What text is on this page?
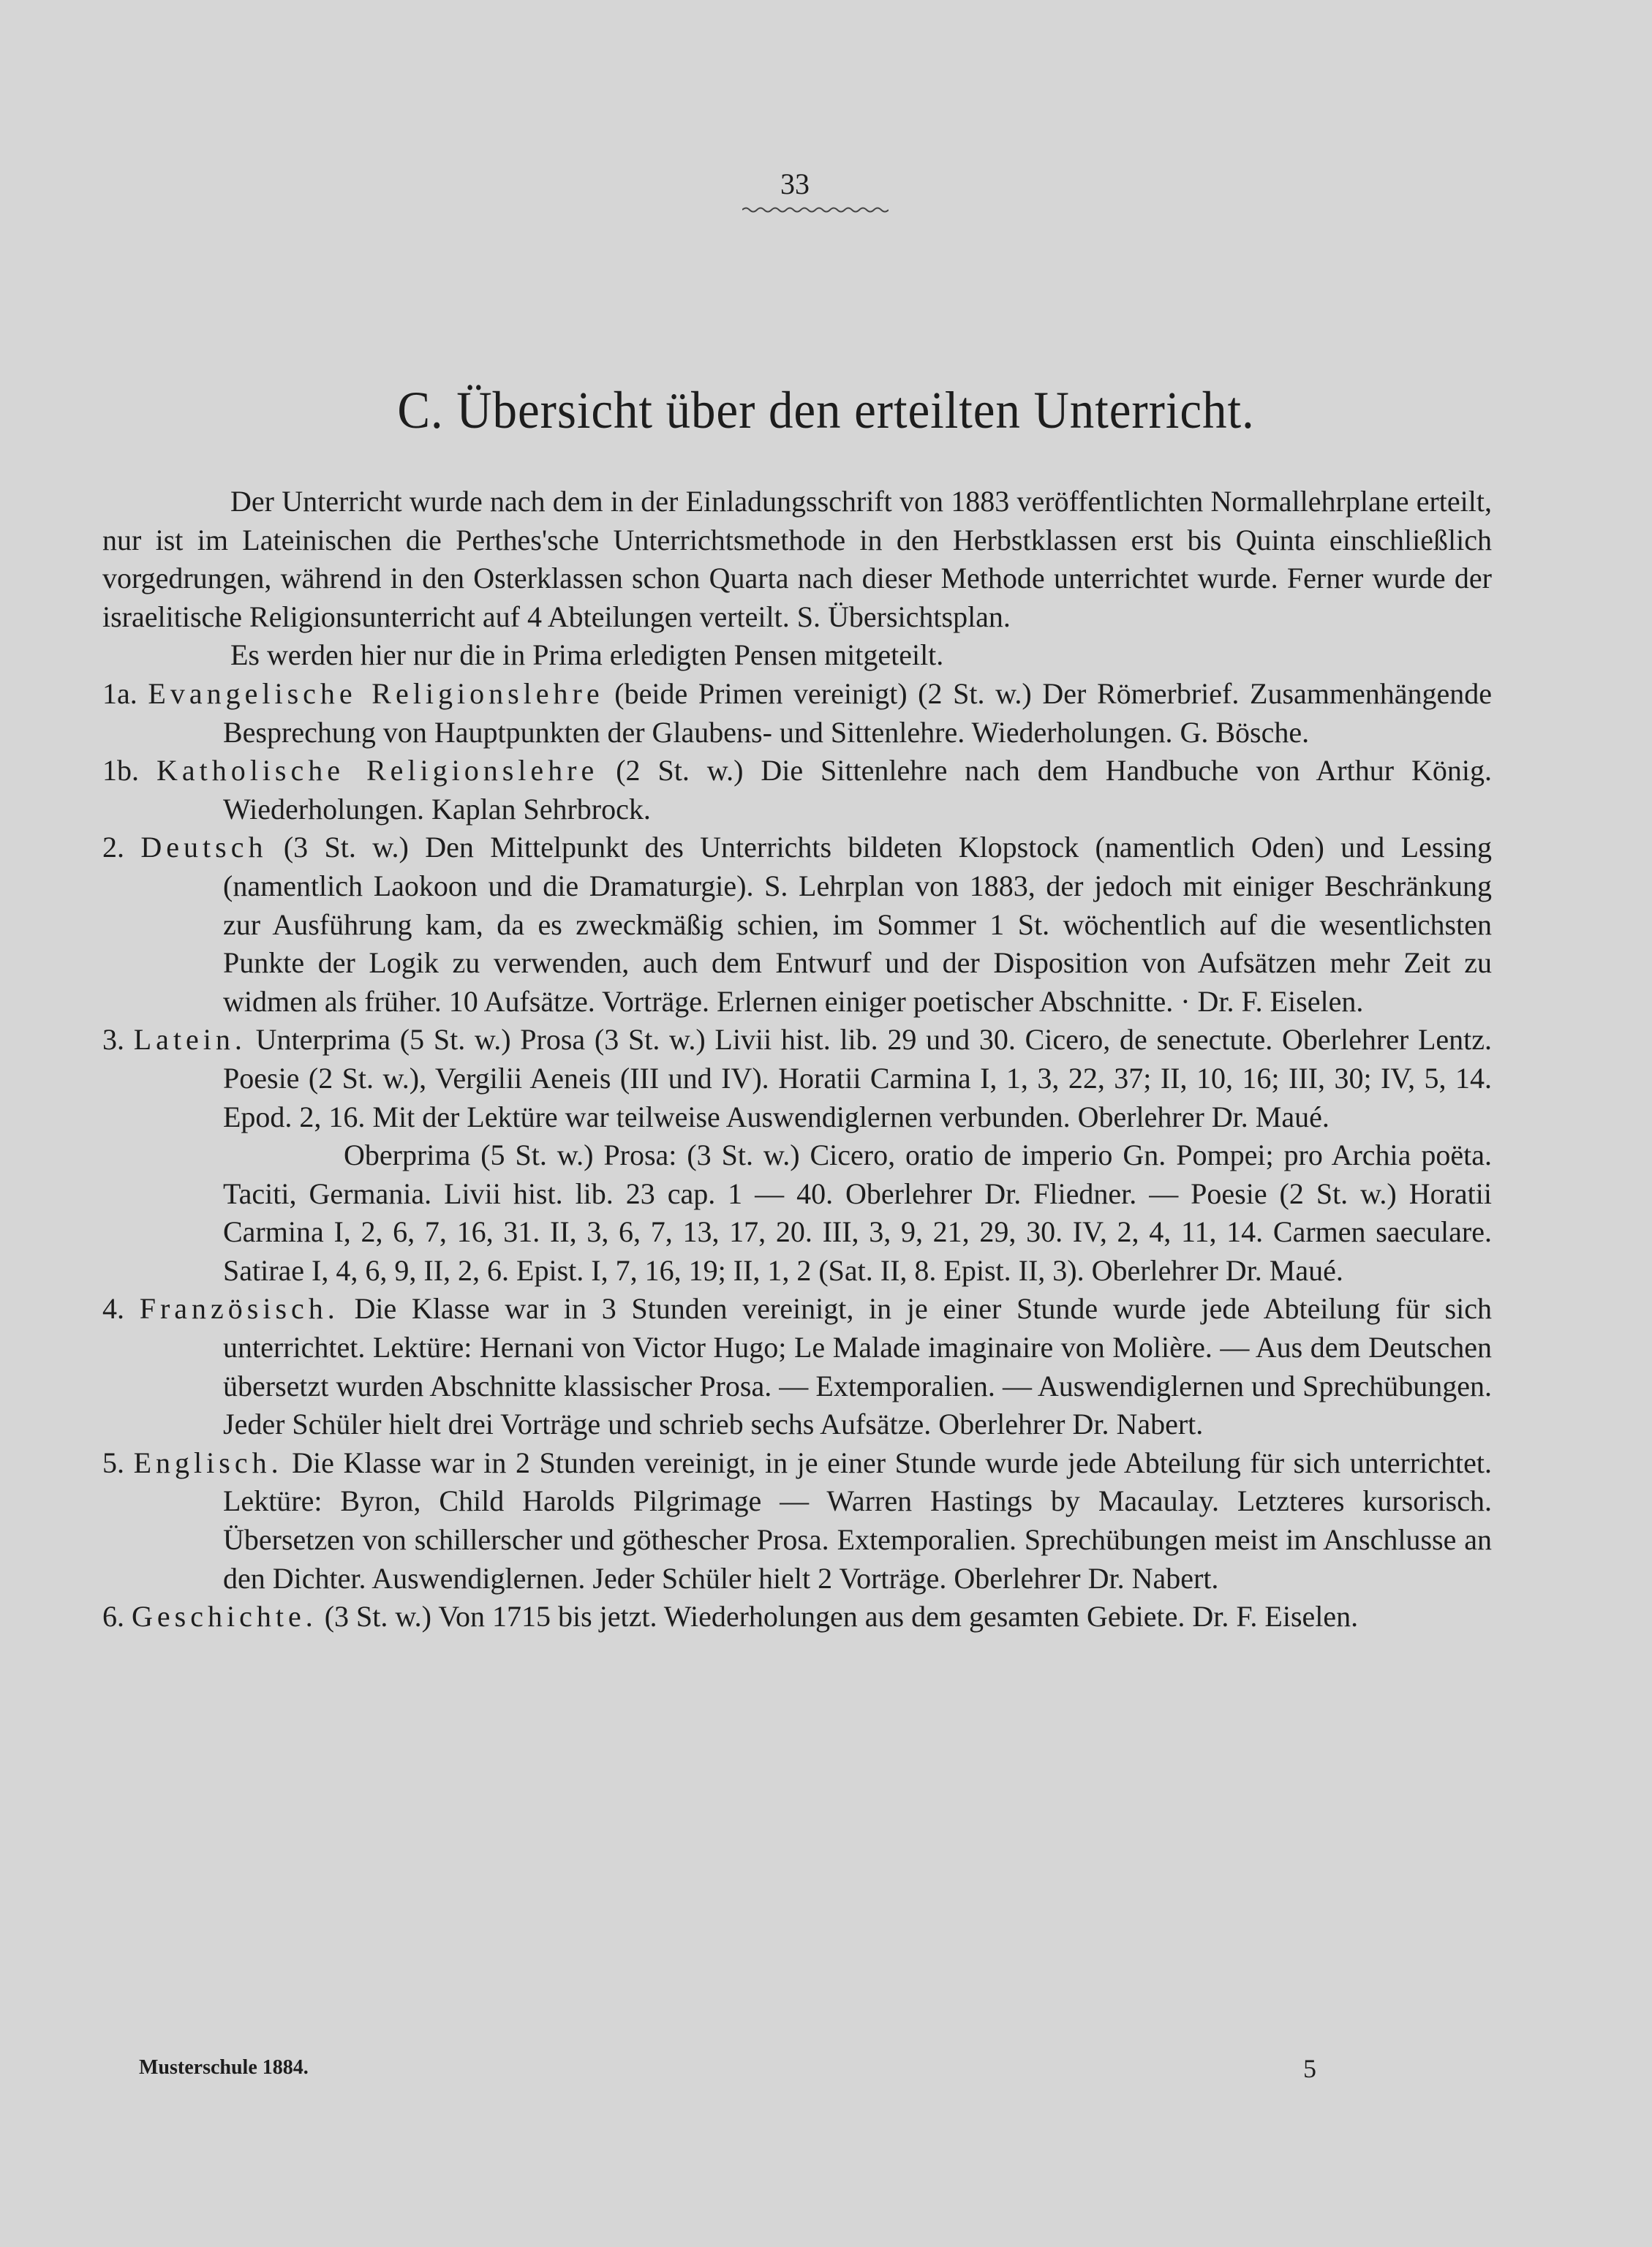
33
C. Übersicht über den erteilten Unterricht.

Der Unterricht wurde nach dem in der Einladungsschrift von 1883 veröffentlichten Normallehrplane erteilt, nur ist im Lateinischen die Perthes'sche Unterrichtsmethode in den Herbstklassen erst bis Quinta einschließlich vorgedrungen, während in den Osterklassen schon Quarta nach dieser Methode unterrichtet wurde. Ferner wurde der israelitische Religionsunterricht auf 4 Abteilungen verteilt. S. Übersichtsplan.

Es werden hier nur die in Prima erledigten Pensen mitgeteilt.

1a. Evangelische Religionslehre (beide Primen vereinigt) (2 St. w.) Der Römerbrief. Zusammenhängende Besprechung von Hauptpunkten der Glaubens- und Sittenlehre. Wiederholungen. G. Bösche.

1b. Katholische Religionslehre (2 St. w.) Die Sittenlehre nach dem Handbuche von Arthur König. Wiederholungen. Kaplan Sehrbrock.

2. Deutsch (3 St. w.) Den Mittelpunkt des Unterrichts bildeten Klopstock (namentlich Oden) und Lessing (namentlich Laokoon und die Dramaturgie). S. Lehrplan von 1883, der jedoch mit einiger Beschränkung zur Ausführung kam, da es zweckmäßig schien, im Sommer 1 St. wöchentlich auf die wesentlichsten Punkte der Logik zu verwenden, auch dem Entwurf und der Disposition von Aufsätzen mehr Zeit zu widmen als früher. 10 Aufsätze. Vorträge. Erlernen einiger poetischer Abschnitte. · Dr. F. Eiselen.

3. Latein. Unterprima (5 St. w.) Prosa (3 St. w.) Livii hist. lib. 29 und 30. Cicero, de senectute. Oberlehrer Lentz. Poesie (2 St. w.), Vergilii Aeneis (III und IV). Horatii Carmina I, 1, 3, 22, 37; II, 10, 16; III, 30; IV, 5, 14. Epod. 2, 16. Mit der Lektüre war teilweise Auswendiglernen verbunden. Oberlehrer Dr. Maué.

Oberprima (5 St. w.) Prosa: (3 St. w.) Cicero, oratio de imperio Gn. Pompei; pro Archia poëta. Taciti, Germania. Livii hist. lib. 23 cap. 1 — 40. Oberlehrer Dr. Fliedner. — Poesie (2 St. w.) Horatii Carmina I, 2, 6, 7, 16, 31. II, 3, 6, 7, 13, 17, 20. III, 3, 9, 21, 29, 30. IV, 2, 4, 11, 14. Carmen saeculare. Satirae I, 4, 6, 9, II, 2, 6. Epist. I, 7, 16, 19; II, 1, 2 (Sat. II, 8. Epist. II, 3). Oberlehrer Dr. Maué.

4. Französisch. Die Klasse war in 3 Stunden vereinigt, in je einer Stunde wurde jede Abteilung für sich unterrichtet. Lektüre: Hernani von Victor Hugo; Le Malade imaginaire von Molière. — Aus dem Deutschen übersetzt wurden Abschnitte klassischer Prosa. — Extemporalien. — Auswendiglernen und Sprechübungen. Jeder Schüler hielt drei Vorträge und schrieb sechs Aufsätze. Oberlehrer Dr. Nabert.

5. Englisch. Die Klasse war in 2 Stunden vereinigt, in je einer Stunde wurde jede Abteilung für sich unterrichtet. Lektüre: Byron, Child Harolds Pilgrimage — Warren Hastings by Macaulay. Letzteres kursorisch. Übersetzen von schillerscher und göthescher Prosa. Extemporalien. Sprechübungen meist im Anschlusse an den Dichter. Auswendiglernen. Jeder Schüler hielt 2 Vorträge. Oberlehrer Dr. Nabert.

6. Geschichte. (3 St. w.) Von 1715 bis jetzt. Wiederholungen aus dem gesamten Gebiete. Dr. F. Eiselen.

Musterschule 1884.	5
